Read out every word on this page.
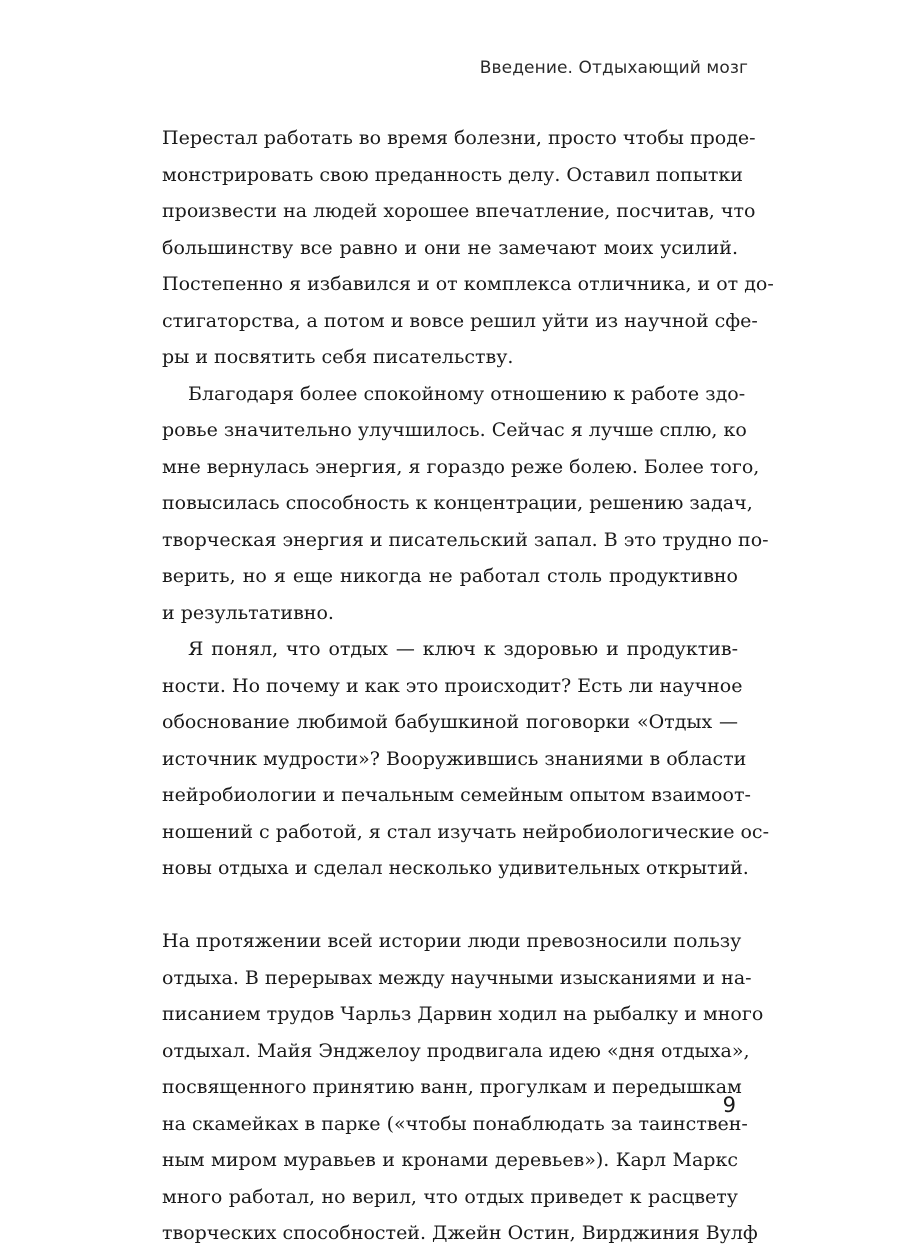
Введение. Отдыхающий мозг
Перестал работать во время болезни, просто чтобы продe-
монстрировать свою преданность делу. Оставил попытки
произвести на людей хорошее впечатление, посчитав, что
большинству все равно и они не замечают моих усилий.
Постепенно я избавился и от комплекса отличника, и от до-
стигаторства, а потом и вовсе решил уйти из научной сфе-
ры и посвятить себя писательству.
Благодаря более спокойному отношению к работе здо-
ровье значительно улучшилось. Сейчас я лучше сплю, ко
мне вернулась энергия, я гораздо реже болею. Более того,
повысилась способность к концентрации, решению задач,
творческая энергия и писательский запал. В это трудно по-
верить, но я еще никогда не работал столь продуктивно
и результативно.
Я понял, что отдых — ключ к здоровью и продуктив-
ности. Но почему и как это происходит? Есть ли научное
обоснование любимой бабушкиной поговорки «Отдых —
источник мудрости»? Вооружившись знаниями в области
нейробиологии и печальным семейным опытом взаимоот-
ношений с работой, я стал изучать нейробиологические ос-
новы отдыха и сделал несколько удивительных открытий.
На протяжении всей истории люди превозносили пользу
отдыха. В перерывах между научными изысканиями и на-
писанием трудов Чарльз Дарвин ходил на рыбалку и много
отдыхал. Майя Энджелоу продвигала идею «дня отдыха»,
посвященного принятию ванн, прогулкам и передышкам
на скамейках в парке («чтобы понаблюдать за таинствен-
ным миром муравьев и кронами деревьев»). Карл Маркс
много работал, но верил, что отдых приведет к расцвету
творческих способностей. Джейн Остин, Вирджиния Вулф
9
